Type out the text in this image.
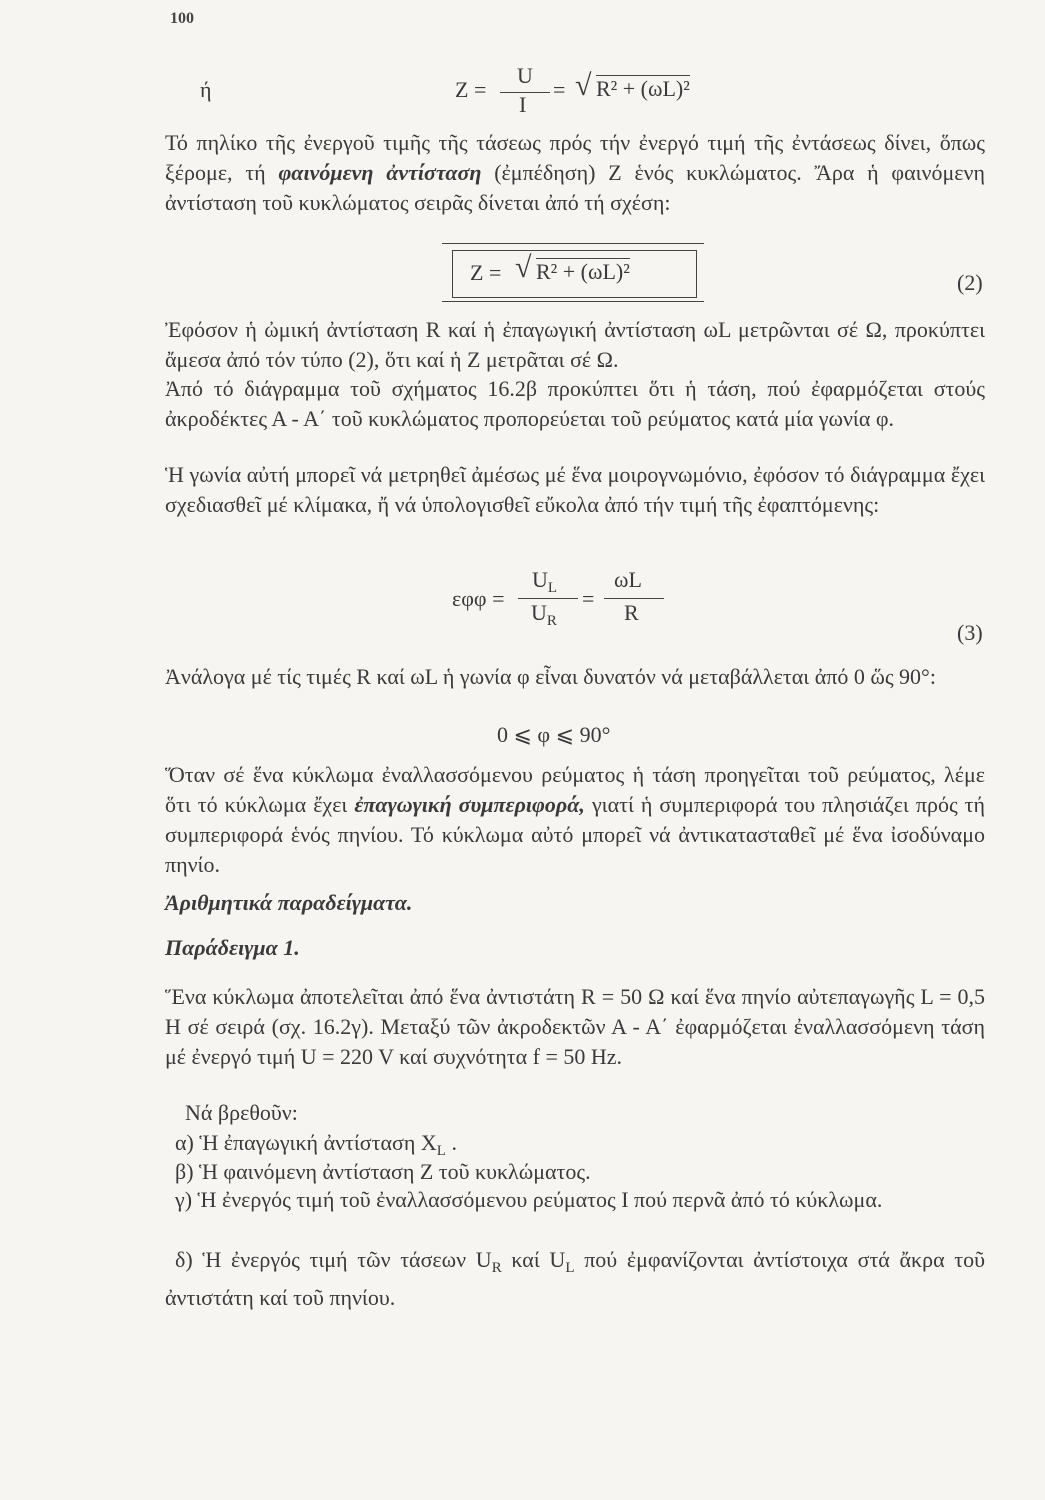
100
ή	Z =
U
I
= √ R² + (ωL)²

Τό πηλίκο τῆς ἐνεργοῦ τιμῆς τῆς τάσεως πρός τήν ἐνεργό τιμή τῆς ἐντάσεως δίνει, ὅπως ξέρομε, τή φαινόμενη ἀντίσταση (ἐμπέδηση) Z ἑνός κυκλώματος. Ἄρα ἡ φαινόμενη ἀντίσταση τοῦ κυκλώματος σειρᾶς δίνεται ἀπό τή σχέση:

Z = √ R² + (ωL)²	(2)

Ἐφόσον ἡ ὠμική ἀντίσταση R καί ἡ ἐπαγωγική ἀντίσταση ωL μετρῶνται σέ Ω, προκύπτει ἄμεσα ἀπό τόν τύπο (2), ὅτι καί ἡ Z μετρᾶται σέ Ω.

Ἀπό τό διάγραμμα τοῦ σχήματος 16.2β προκύπτει ὅτι ἡ τάση, πού ἐφαρμόζεται στούς ἀκροδέκτες Α - Α΄ τοῦ κυκλώματος προπορεύεται τοῦ ρεύματος κατά μία γωνία φ.

Ἡ γωνία αὐτή μπορεῖ νά μετρηθεῖ ἀμέσως μέ ἕνα μοιρογνωμόνιο, ἐφόσον τό διάγραμμα ἔχει σχεδιασθεῖ μέ κλίμακα, ἤ νά ὑπολογισθεῖ εὔκολα ἀπό τήν τιμή τῆς ἐφαπτόμενης:

εφφ =
$U_L$
$U_R$
=
ωL
R
(3)

Ἀνάλογα μέ τίς τιμές R καί ωL ἡ γωνία φ εἶναι δυνατόν νά μεταβάλλεται ἀπό 0 ὥς 90°:

0 ⩽ φ ⩽ 90°

Ὅταν σέ ἕνα κύκλωμα ἐναλλασσόμενου ρεύματος ἡ τάση προηγεῖται τοῦ ρεύματος, λέμε ὅτι τό κύκλωμα ἔχει ἐπαγωγική συμπεριφορά, γιατί ἡ συμπεριφορά του πλησιάζει πρός τή συμπεριφορά ἑνός πηνίου. Τό κύκλωμα αὐτό μπορεῖ νά ἀντικατασταθεῖ μέ ἕνα ἰσοδύναμο πηνίο.

Ἀριθμητικά παραδείγματα.
Παράδειγμα 1.

Ἕνα κύκλωμα ἀποτελεῖται ἀπό ἕνα ἀντιστάτη R = 50 Ω καί ἕνα πηνίο αὐτεπαγωγῆς L = 0,5 H σέ σειρά (σχ. 16.2γ). Μεταξύ τῶν ἀκροδεκτῶν Α - Α΄ ἐφαρμόζεται ἐναλλασσόμενη τάση μέ ἐνεργό τιμή U = 220 V καί συχνότητα f = 50 Hz.

Νά βρεθοῦν:

α) Ἡ ἐπαγωγική ἀντίσταση $X_L$ .

β) Ἡ φαινόμενη ἀντίσταση Z τοῦ κυκλώματος.

γ) Ἡ ἐνεργός τιμή τοῦ ἐναλλασσόμενου ρεύματος I πού περνᾶ ἀπό τό κύκλωμα.

δ) Ἡ ἐνεργός τιμή τῶν τάσεων $U_R$ καί $U_L$ πού ἐμφανίζονται ἀντίστοιχα στά ἄκρα τοῦ ἀντιστάτη καί τοῦ πηνίου.
